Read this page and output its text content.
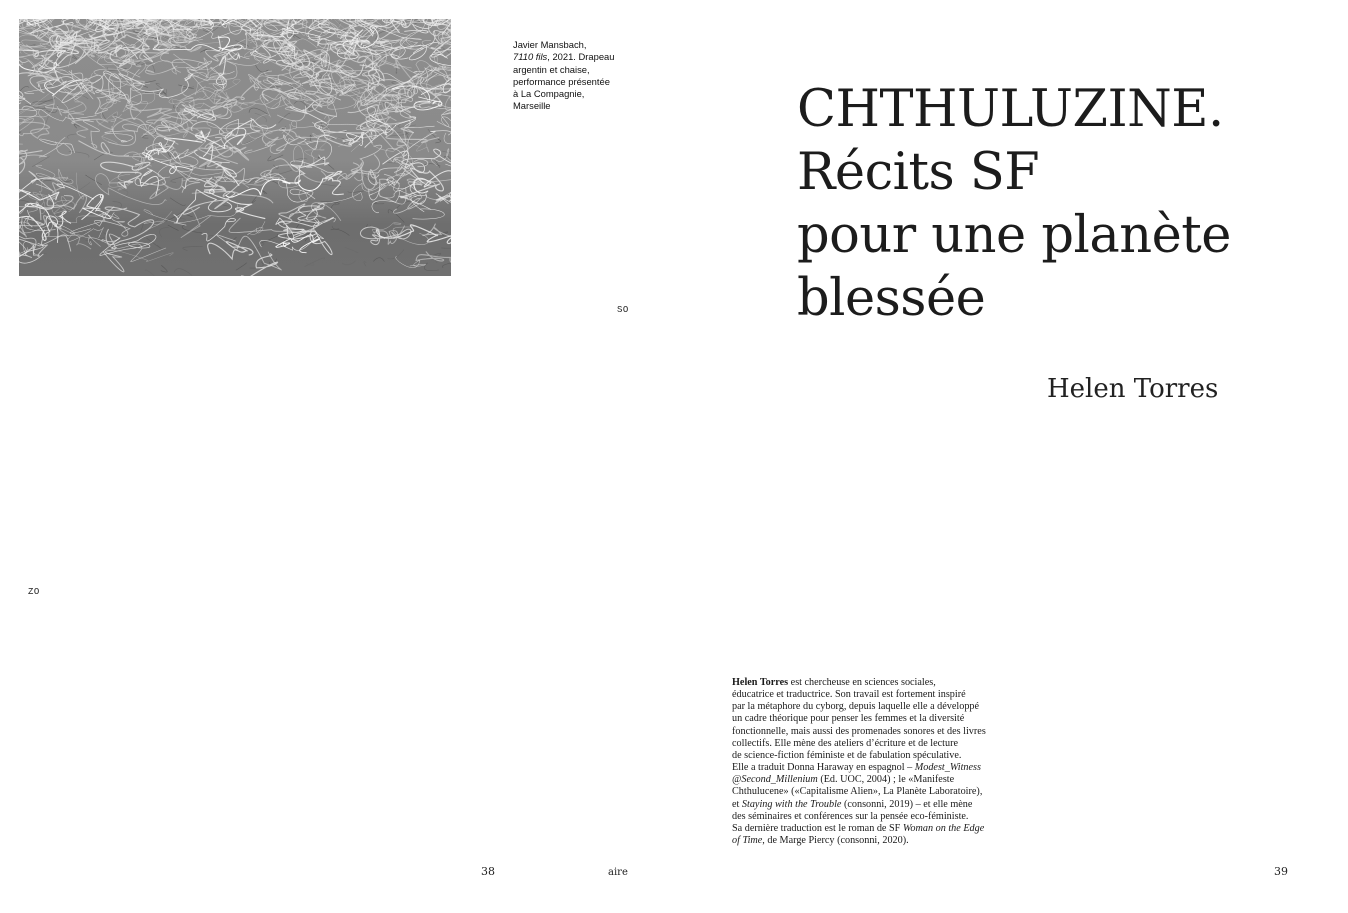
Javier Mansbach,
7110 fils, 2021. Drapeau
argentin et chaise,
performance présentée
à La Compagnie,
Marseille
SO
ZO
CHTHULUZINE.
Récits SF
pour une planète
blessée
Helen Torres
Helen Torres est chercheuse en sciences sociales,
éducatrice et traductrice. Son travail est fortement inspiré
par la métaphore du cyborg, depuis laquelle elle a développé
un cadre théorique pour penser les femmes et la diversité
fonctionnelle, mais aussi des promenades sonores et des livres
collectifs. Elle mène des ateliers d’écriture et de lecture
de science-fiction féministe et de fabulation spéculative.
Elle a traduit Donna Haraway en espagnol – Modest_Witness
@Second_Millenium (Ed. UOC, 2004) ; le «Manifeste
Chthulucene» («Capitalisme Alien», La Planète Laboratoire),
et Staying with the Trouble (consonni, 2019) – et elle mène
des séminaires et conférences sur la pensée eco-féministe.
Sa dernière traduction est le roman de SF Woman on the Edge
of Time, de Marge Piercy (consonni, 2020).
38	aire	39
